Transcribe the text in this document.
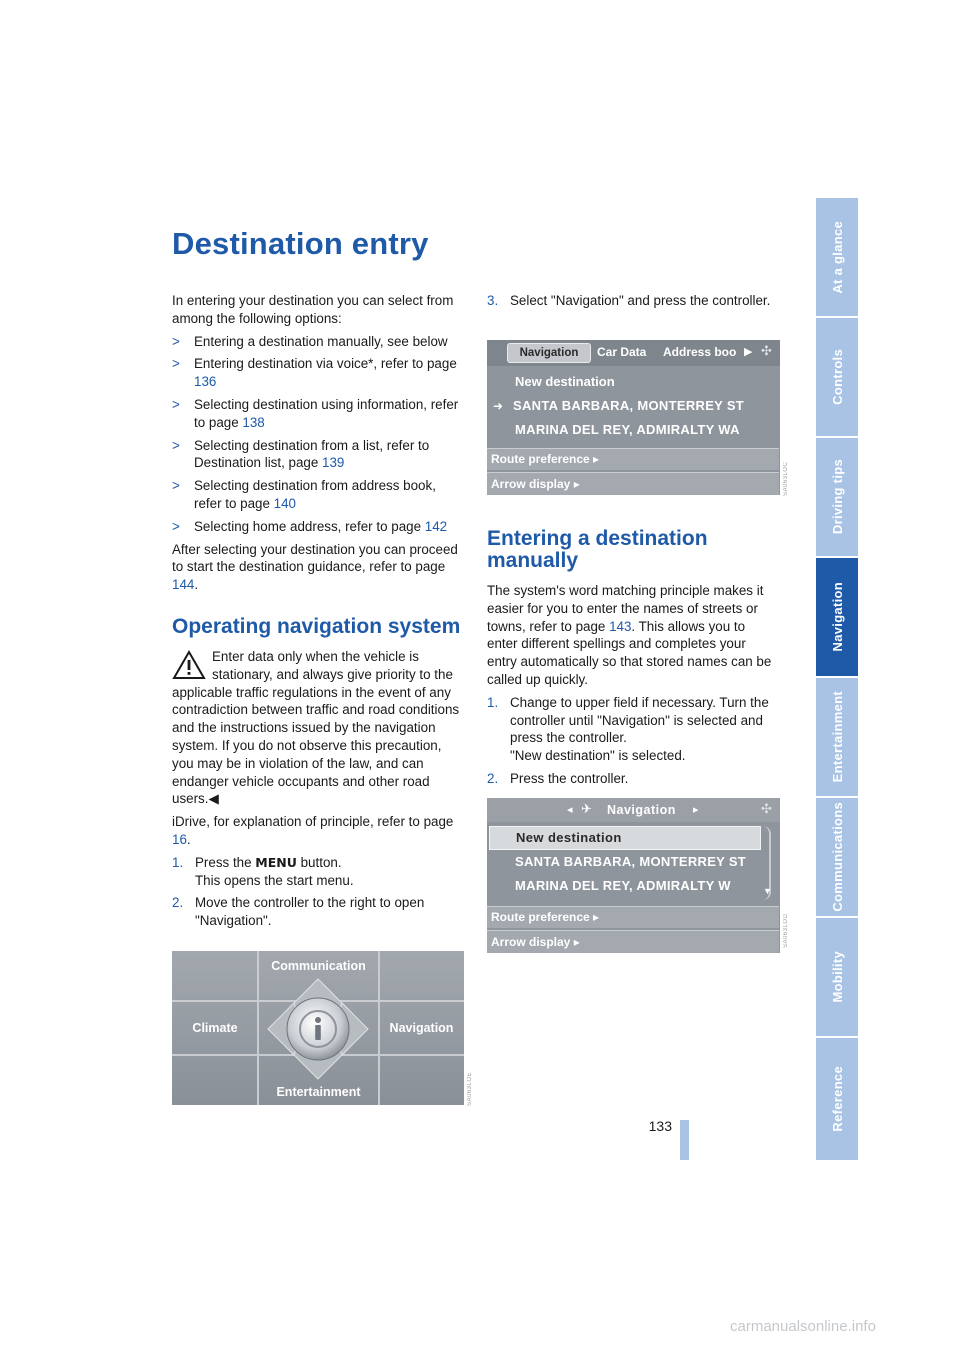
Destination entry
In entering your destination you can select from among the following options:
>	Entering a destination manually, see below
>	Entering destination via voice*, refer to page 136
>	Selecting destination using information, refer to page 138
>	Selecting destination from a list, refer to Destination list, page 139
>	Selecting destination from address book, refer to page 140
>	Selecting home address, refer to page 142
After selecting your destination you can proceed to start the destination guidance, refer to page 144.
Operating navigation system
Enter data only when the vehicle is stationary, and always give priority to the applicable traffic regulations in the event of any contradiction between traffic and road conditions and the instructions issued by the navigation system. If you do not observe this precaution, you may be in violation of the law, and can endanger vehicle occupants and other road users.◀
iDrive, for explanation of principle, refer to page 16.
1. Press the MENU button.
This opens the start menu.
2. Move the controller to the right to open "Navigation".
Communication
Climate	Navigation
Entertainment	SA063LOE
3. Select "Navigation" and press the controller.
Navigation	Car Data Address boo ▶ ✣
New destination
➜ SANTA BARBARA, MONTERREY ST
MARINA DEL REY, ADMIRALTY WA
Route preference ▸
Arrow display ▸	SA063LOC
Entering a destination manually
The system's word matching principle makes it easier for you to enter the names of streets or towns, refer to page 143. This allows you to enter different spellings and completes your entry automatically so that stored names can be called up quickly.
1. Change to upper field if necessary. Turn the controller until "Navigation" is selected and press the controller.
"New destination" is selected.
2. Press the controller.
◂ ✈ Navigation ▸	✣
New destination
SANTA BARBARA, MONTERREY ST
MARINA DEL REY, ADMIRALTY W	▼
Route preference ▸
Arrow display ▸	SA063LOD
At a glance
Controls
Driving tips
Navigation
Entertainment
Communications
Mobility
Reference
133
carmanualsonline.info
